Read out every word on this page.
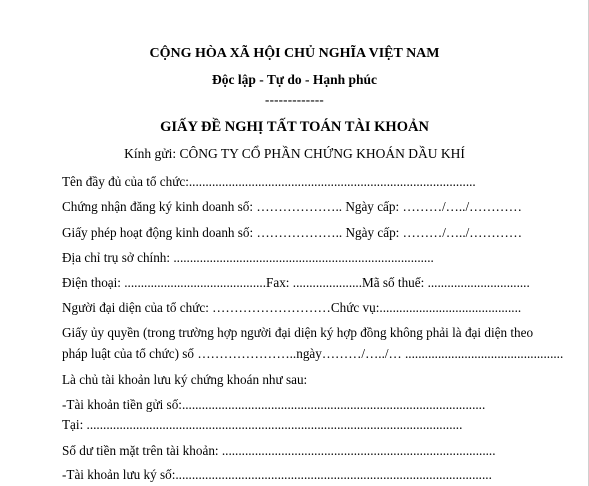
CỘNG HÒA XÃ HỘI CHỦ NGHĨA VIỆT NAM
Độc lập - Tự do - Hạnh phúc
-------------
GIẤY ĐỀ NGHỊ TẤT TOÁN TÀI KHOẢN
Kính gửi: CÔNG TY CỔ PHẦN CHỨNG KHOÁN DẦU KHÍ
Tên đầy đủ của tổ chức:.......................................................................................
Chứng nhận đăng ký kinh doanh số: ……………….. Ngày cấp: ………/…../…………
Giấy phép hoạt động kinh doanh số: ……………….. Ngày cấp: ………/…../…………
Địa chỉ trụ sở chính: ...............................................................................
Điện thoại: ...........................................Fax: .....................Mã số thuế: ...............................
Người đại diện của tổ chức: ………………………Chức vụ:...........................................
Giấy ủy quyền (trong trường hợp người đại diện ký hợp đồng không phải là đại diện theo
pháp luật của tổ chức) số …………………..ngày………/…../… ................................................
Là chủ tài khoản lưu ký chứng khoán như sau:
-Tài khoản tiền gửi số:............................................................................................
Tại: ..................................................................................................................
Số dư tiền mặt trên tài khoản: ...................................................................................
-Tài khoản lưu ký số:................................................................................................
